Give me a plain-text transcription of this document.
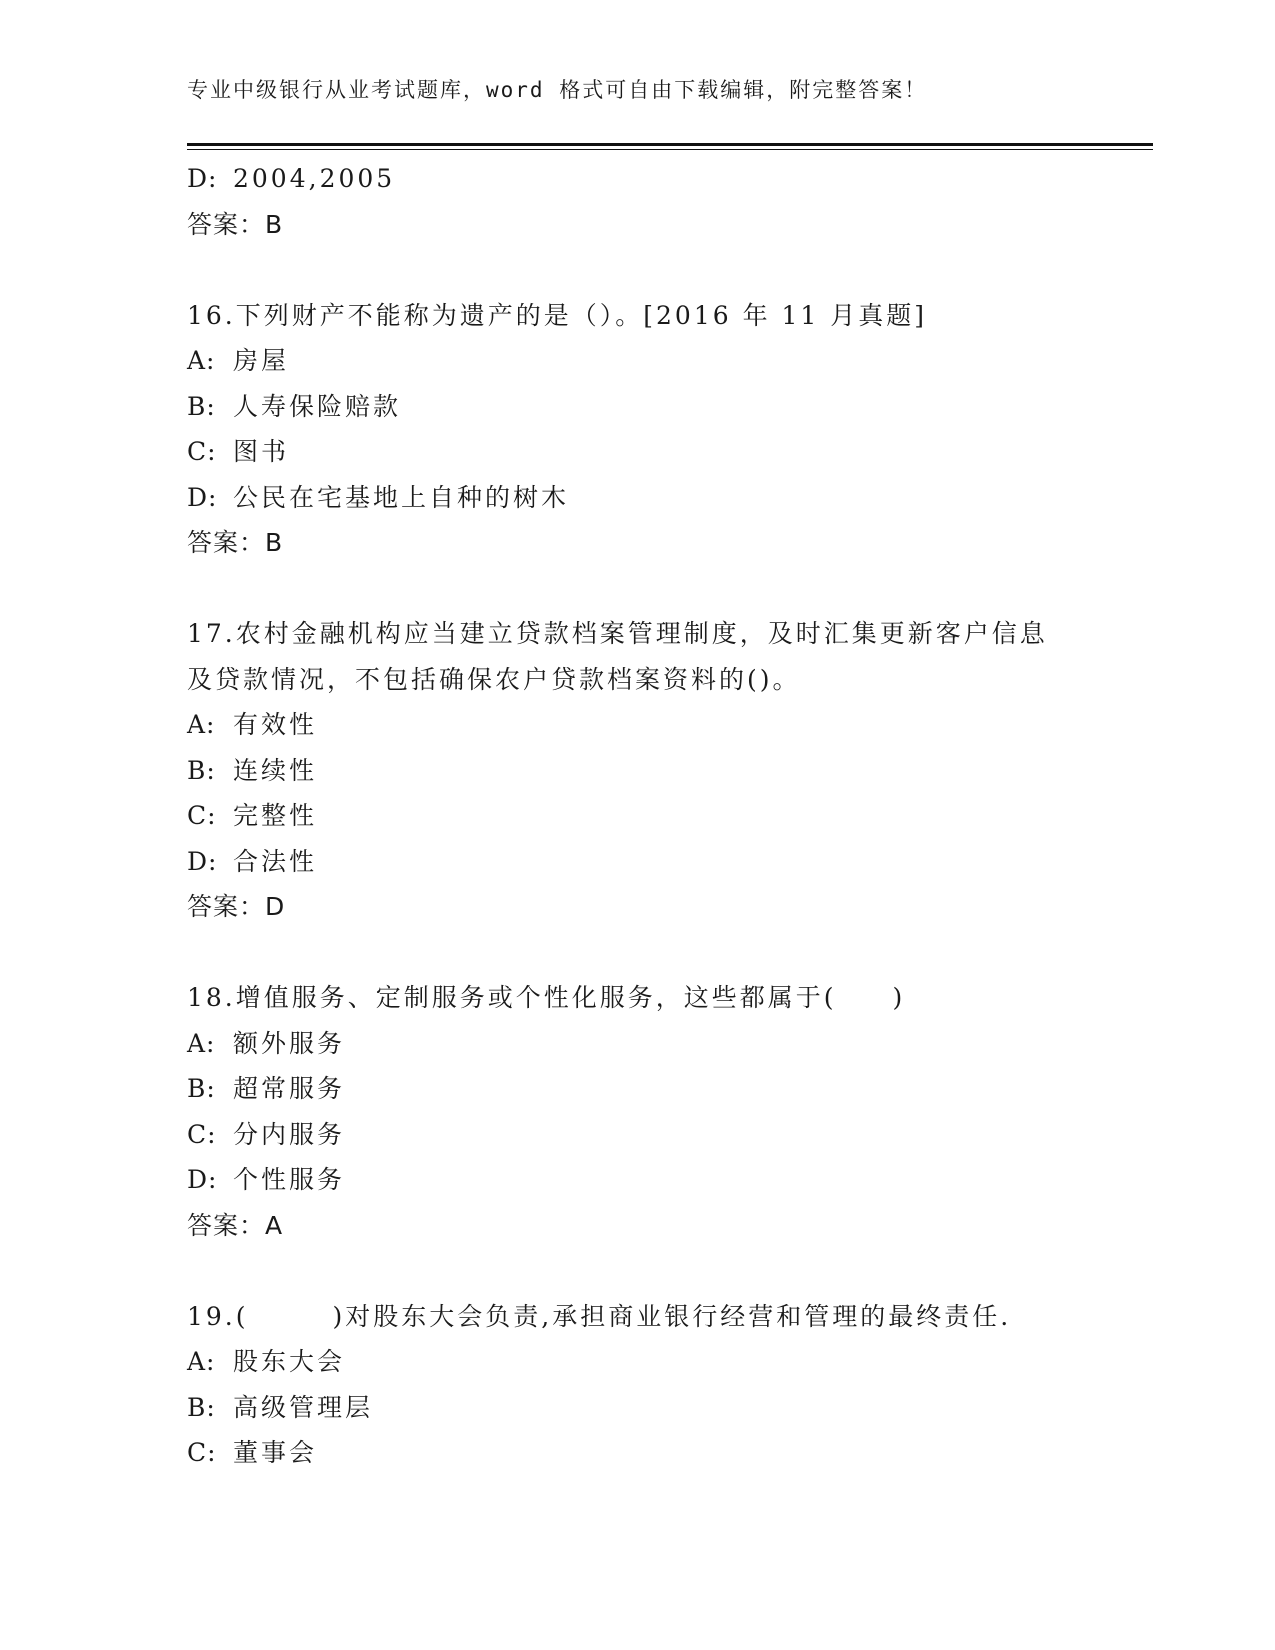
专业中级银行从业考试题库，word 格式可自由下载编辑，附完整答案！
D: 2004,2005
答案：B
16.下列财产不能称为遗产的是（）。[2016 年 11 月真题]
A: 房屋
B: 人寿保险赔款
C: 图书
D: 公民在宅基地上自种的树木
答案：B
17.农村金融机构应当建立贷款档案管理制度，及时汇集更新客户信息
及贷款情况，不包括确保农户贷款档案资料的()。
A: 有效性
B: 连续性
C: 完整性
D: 合法性
答案：D
18.增值服务、定制服务或个性化服务，这些都属于(　　)
A: 额外服务
B: 超常服务
C: 分内服务
D: 个性服务
答案：A
19.(　　　)对股东大会负责,承担商业银行经营和管理的最终责任.
A: 股东大会
B: 高级管理层
C: 董事会
